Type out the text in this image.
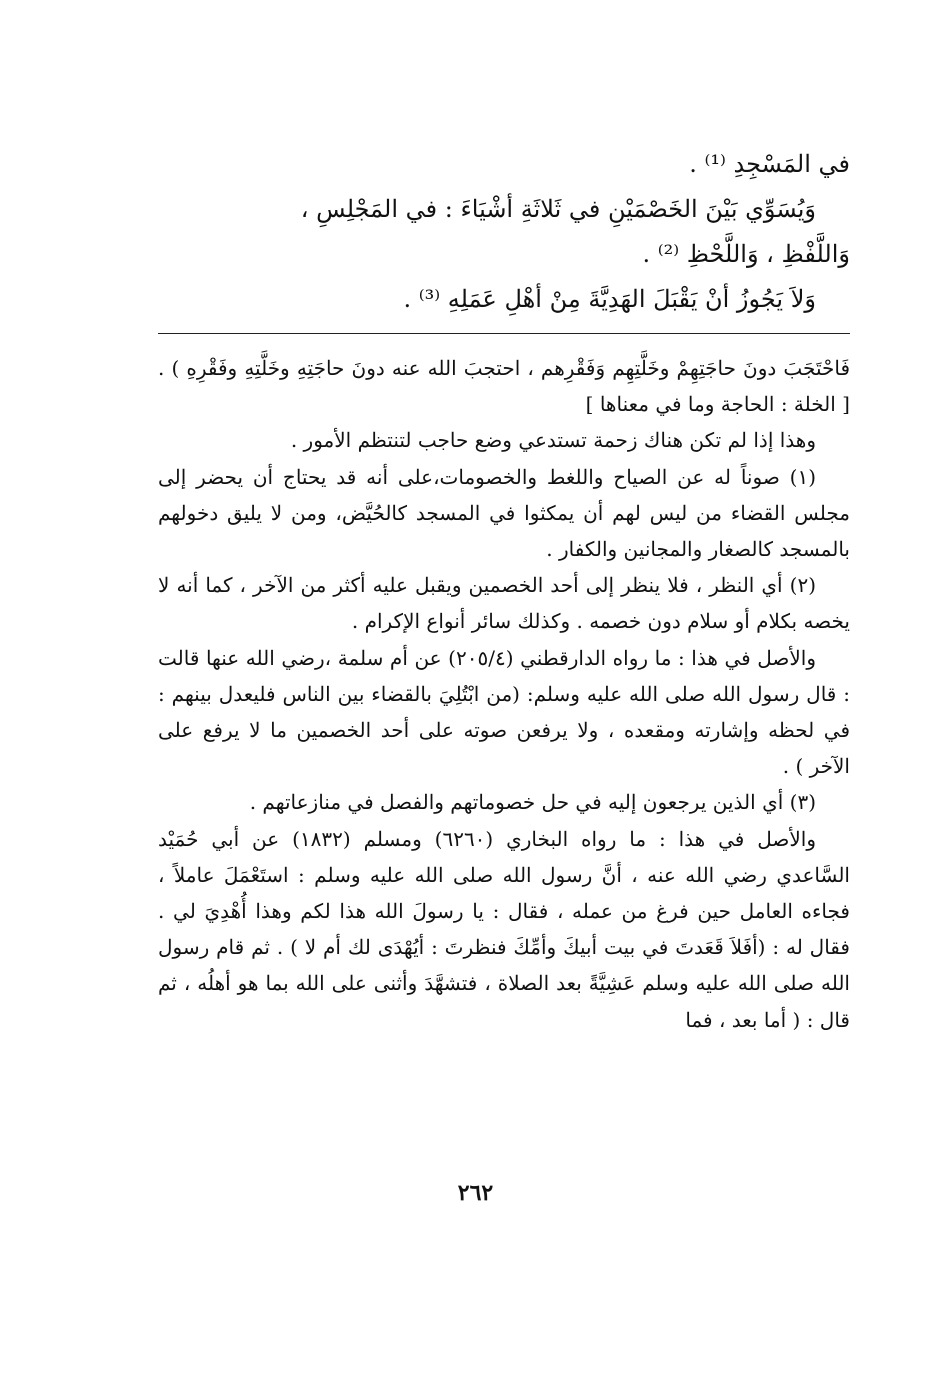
في المَسْجِدِ ⁽¹⁾ .

وَيُسَوِّي بَيْنَ الخَصْمَيْنِ في ثَلاثَةِ أشْيَاءَ : في المَجْلِسِ ،

وَاللَّفْظِ ، وَاللَّحْظِ ⁽²⁾ .

وَلاَ يَجُوزُ أنْ يَقْبَلَ الهَدِيَّةَ مِنْ أهْلِ عَمَلِهِ ⁽³⁾ .

فَاحْتَجَبَ دونَ حاجَتِهِمْ وخَلَّتِهِم وَفَقْرِهم ، احتجبَ الله عنه دونَ حاجَتِهِ وخَلَّتِهِ وفَقْرِهِ ) . [ الخلة : الحاجة وما في معناها ]

وهذا إذا لم تكن هناك زحمة تستدعي وضع حاجب لتنتظم الأمور .

(١) صوناً له عن الصياح واللغط والخصومات،على أنه قد يحتاج أن يحضر إلى مجلس القضاء من ليس لهم أن يمكثوا في المسجد كالحُيَّض، ومن لا يليق دخولهم بالمسجد كالصغار والمجانين والكفار .

(٢) أي النظر ، فلا ينظر إلى أحد الخصمين ويقبل عليه أكثر من الآخر ، كما أنه لا يخصه بكلام أو سلام دون خصمه . وكذلك سائر أنواع الإكرام .

والأصل في هذا : ما رواه الدارقطني (٢٠٥/٤) عن أم سلمة ،رضي الله عنها قالت : قال رسول الله صلى الله عليه وسلم: (من ابْتُلِيَ بالقضاء بين الناس فليعدل بينهم : في لحظه وإشارته ومقعده ، ولا يرفعن صوته على أحد الخصمين ما لا يرفع على الآخر ) .

(٣) أي الذين يرجعون إليه في حل خصوماتهم والفصل في منازعاتهم .

والأصل في هذا : ما رواه البخاري (٦٢٦٠) ومسلم (١٨٣٢) عن أبي حُمَيْد السَّاعدي رضي الله عنه ، أنَّ رسول الله صلى الله عليه وسلم : استَعْمَلَ عاملاً ، فجاءه العامل حين فرغ من عمله ، فقال : يا رسولَ الله هذا لكم وهذا أُهْدِيَ لي . فقال له : (أفَلاَ قَعَدتَ في بيت أبيكَ وأمِّكَ فنظرتَ : أيُهْدَى لك أم لا ) . ثم قام رسول الله صلى الله عليه وسلم عَشِيَّةً بعد الصلاة ، فتشهَّدَ وأثنى على الله بما هو أهلُه ، ثم قال : ( أما بعد ، فما

٢٦٢
